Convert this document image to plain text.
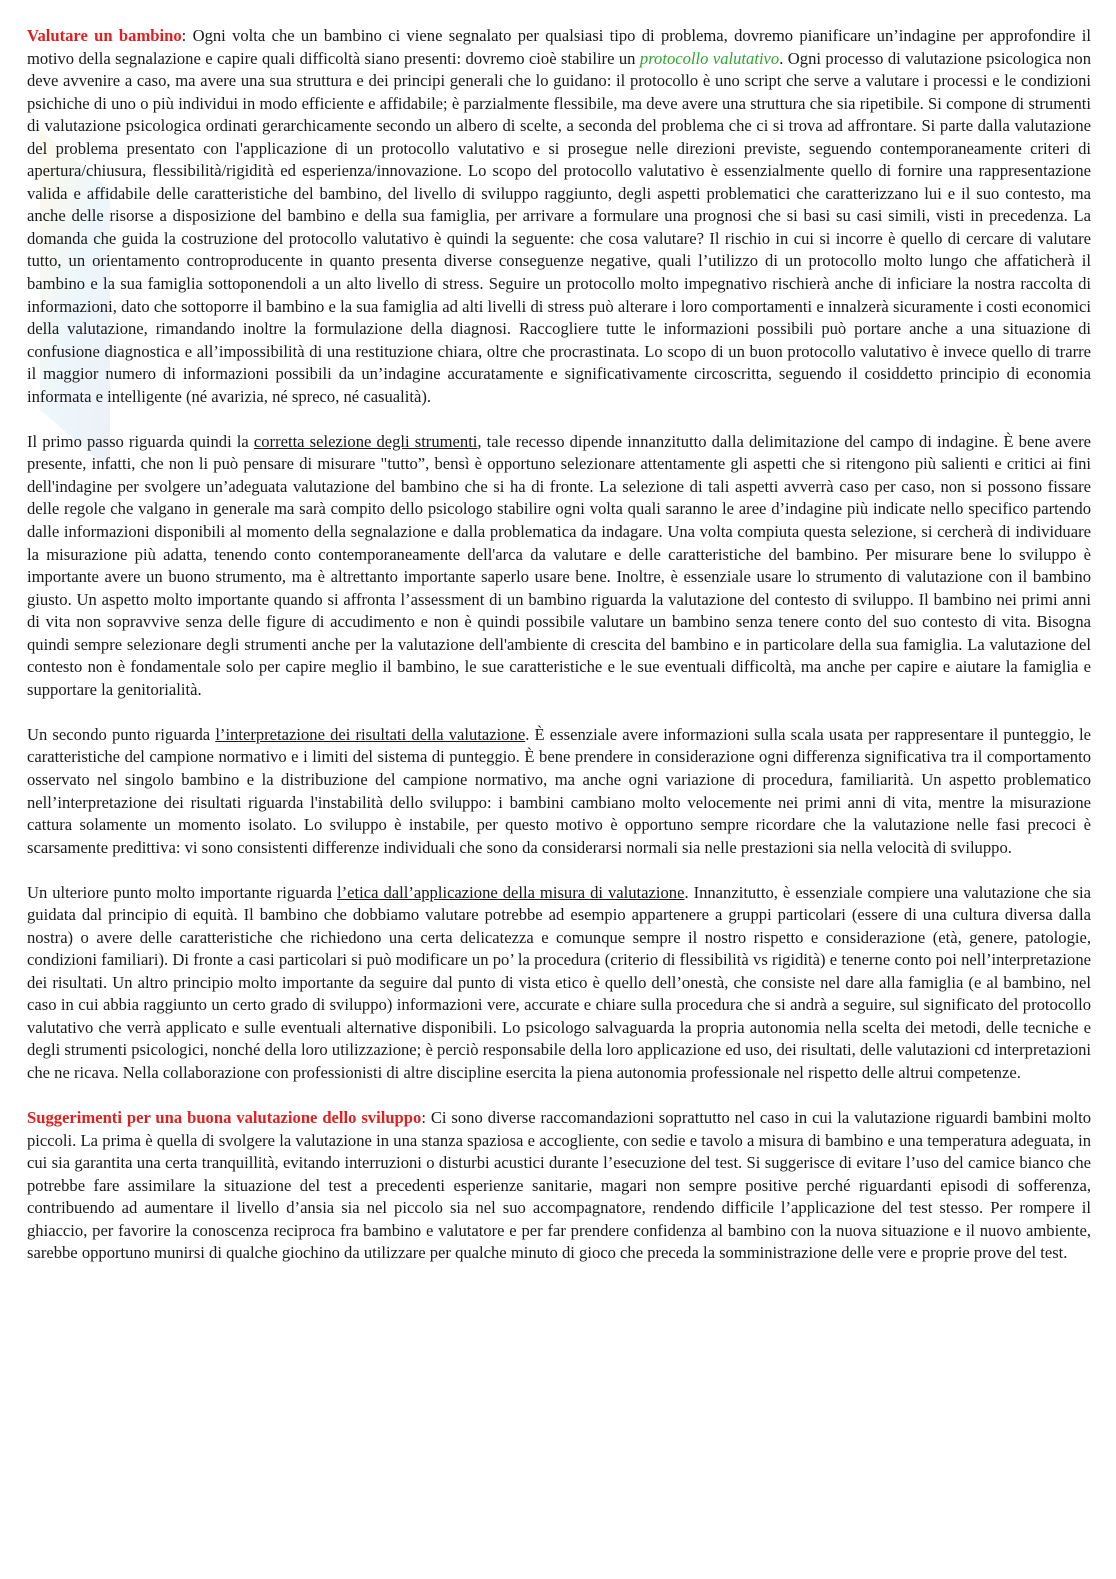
Valutare un bambino: Ogni volta che un bambino ci viene segnalato per qualsiasi tipo di problema, dovremo pianificare un’indagine per approfondire il motivo della segnalazione e capire quali difficoltà siano presenti: dovremo cioè stabilire un protocollo valutativo. Ogni processo di valutazione psicologica non deve avvenire a caso, ma avere una sua struttura e dei principi generali che lo guidano: il protocollo è uno script che serve a valutare i processi e le condizioni psichiche di uno o più individui in modo efficiente e affidabile; è parzialmente flessibile, ma deve avere una struttura che sia ripetibile. Si compone di strumenti di valutazione psicologica ordinati gerarchicamente secondo un albero di scelte, a seconda del problema che ci si trova ad affrontare. Si parte dalla valutazione del problema presentato con l'applicazione di un protocollo valutativo e si prosegue nelle direzioni previste, seguendo contemporaneamente criteri di apertura/chiusura, flessibilità/rigidità ed esperienza/innovazione. Lo scopo del protocollo valutativo è essenzialmente quello di fornire una rappresentazione valida e affidabile delle caratteristiche del bambino, del livello di sviluppo raggiunto, degli aspetti problematici che caratterizzano lui e il suo contesto, ma anche delle risorse a disposizione del bambino e della sua famiglia, per arrivare a formulare una prognosi che si basi su casi simili, visti in precedenza. La domanda che guida la costruzione del protocollo valutativo è quindi la seguente: che cosa valutare? Il rischio in cui si incorre è quello di cercare di valutare tutto, un orientamento controproducente in quanto presenta diverse conseguenze negative, quali l’utilizzo di un protocollo molto lungo che affaticherà il bambino e la sua famiglia sottoponendoli a un alto livello di stress. Seguire un protocollo molto impegnativo rischierà anche di inficiare la nostra raccolta di informazioni, dato che sottoporre il bambino e la sua famiglia ad alti livelli di stress può alterare i loro comportamenti e innalzerà sicuramente i costi economici della valutazione, rimandando inoltre la formulazione della diagnosi. Raccogliere tutte le informazioni possibili può portare anche a una situazione di confusione diagnostica e all’impossibilità di una restituzione chiara, oltre che procrastinata. Lo scopo di un buon protocollo valutativo è invece quello di trarre il maggior numero di informazioni possibili da un’indagine accuratamente e significativamente circoscritta, seguendo il cosiddetto principio di economia informata e intelligente (né avarizia, né spreco, né casualità).

Il primo passo riguarda quindi la corretta selezione degli strumenti, tale recesso dipende innanzitutto dalla delimitazione del campo di indagine. È bene avere presente, infatti, che non li può pensare di misurare "tutto”, bensì è opportuno selezionare attentamente gli aspetti che si ritengono più salienti e critici ai fini dell'indagine per svolgere un’adeguata valutazione del bambino che si ha di fronte. La selezione di tali aspetti avverrà caso per caso, non si possono fissare delle regole che valgano in generale ma sarà compito dello psicologo stabilire ogni volta quali saranno le aree d’indagine più indicate nello specifico partendo dalle informazioni disponibili al momento della segnalazione e dalla problematica da indagare. Una volta compiuta questa selezione, si cercherà di individuare la misurazione più adatta, tenendo conto contemporaneamente dell'arca da valutare e delle caratteristiche del bambino. Per misurare bene lo sviluppo è importante avere un buono strumento, ma è altrettanto importante saperlo usare bene. Inoltre, è essenziale usare lo strumento di valutazione con il bambino giusto. Un aspetto molto importante quando si affronta l’assessment di un bambino riguarda la valutazione del contesto di sviluppo. Il bambino nei primi anni di vita non sopravvive senza delle figure di accudimento e non è quindi possibile valutare un bambino senza tenere conto del suo contesto di vita. Bisogna quindi sempre selezionare degli strumenti anche per la valutazione dell'ambiente di crescita del bambino e in particolare della sua famiglia. La valutazione del contesto non è fondamentale solo per capire meglio il bambino, le sue caratteristiche e le sue eventuali difficoltà, ma anche per capire e aiutare la famiglia e supportare la genitorialità.

Un secondo punto riguarda l’interpretazione dei risultati della valutazione. È essenziale avere informazioni sulla scala usata per rappresentare il punteggio, le caratteristiche del campione normativo e i limiti del sistema di punteggio. È bene prendere in considerazione ogni differenza significativa tra il comportamento osservato nel singolo bambino e la distribuzione del campione normativo, ma anche ogni variazione di procedura, familiarità. Un aspetto problematico nell’interpretazione dei risultati riguarda l'instabilità dello sviluppo: i bambini cambiano molto velocemente nei primi anni di vita, mentre la misurazione cattura solamente un momento isolato. Lo sviluppo è instabile, per questo motivo è opportuno sempre ricordare che la valutazione nelle fasi precoci è scarsamente predittiva: vi sono consistenti differenze individuali che sono da considerarsi normali sia nelle prestazioni sia nella velocità di sviluppo.

Un ulteriore punto molto importante riguarda l’etica dall’applicazione della misura di valutazione. Innanzitutto, è essenziale compiere una valutazione che sia guidata dal principio di equità. Il bambino che dobbiamo valutare potrebbe ad esempio appartenere a gruppi particolari (essere di una cultura diversa dalla nostra) o avere delle caratteristiche che richiedono una certa delicatezza e comunque sempre il nostro rispetto e considerazione (età, genere, patologie, condizioni familiari). Di fronte a casi particolari si può modificare un po’ la procedura (criterio di flessibilità vs rigidità) e tenerne conto poi nell’interpretazione dei risultati. Un altro principio molto importante da seguire dal punto di vista etico è quello dell’onestà, che consiste nel dare alla famiglia (e al bambino, nel caso in cui abbia raggiunto un certo grado di sviluppo) informazioni vere, accurate e chiare sulla procedura che si andrà a seguire, sul significato del protocollo valutativo che verrà applicato e sulle eventuali alternative disponibili. Lo psicologo salvaguarda la propria autonomia nella scelta dei metodi, delle tecniche e degli strumenti psicologici, nonché della loro utilizzazione; è perciò responsabile della loro applicazione ed uso, dei risultati, delle valutazioni cd interpretazioni che ne ricava. Nella collaborazione con professionisti di altre discipline esercita la piena autonomia professionale nel rispetto delle altrui competenze.

Suggerimenti per una buona valutazione dello sviluppo: Ci sono diverse raccomandazioni soprattutto nel caso in cui la valutazione riguardi bambini molto piccoli. La prima è quella di svolgere la valutazione in una stanza spaziosa e accogliente, con sedie e tavolo a misura di bambino e una temperatura adeguata, in cui sia garantita una certa tranquillità, evitando interruzioni o disturbi acustici durante l’esecuzione del test. Si suggerisce di evitare l’uso del camice bianco che potrebbe fare assimilare la situazione del test a precedenti esperienze sanitarie, magari non sempre positive perché riguardanti episodi di sofferenza, contribuendo ad aumentare il livello d’ansia sia nel piccolo sia nel suo accompagnatore, rendendo difficile l’applicazione del test stesso. Per rompere il ghiaccio, per favorire la conoscenza reciproca fra bambino e valutatore e per far prendere confidenza al bambino con la nuova situazione e il nuovo ambiente, sarebbe opportuno munirsi di qualche giochino da utilizzare per qualche minuto di gioco che preceda la somministrazione delle vere e proprie prove del test.
